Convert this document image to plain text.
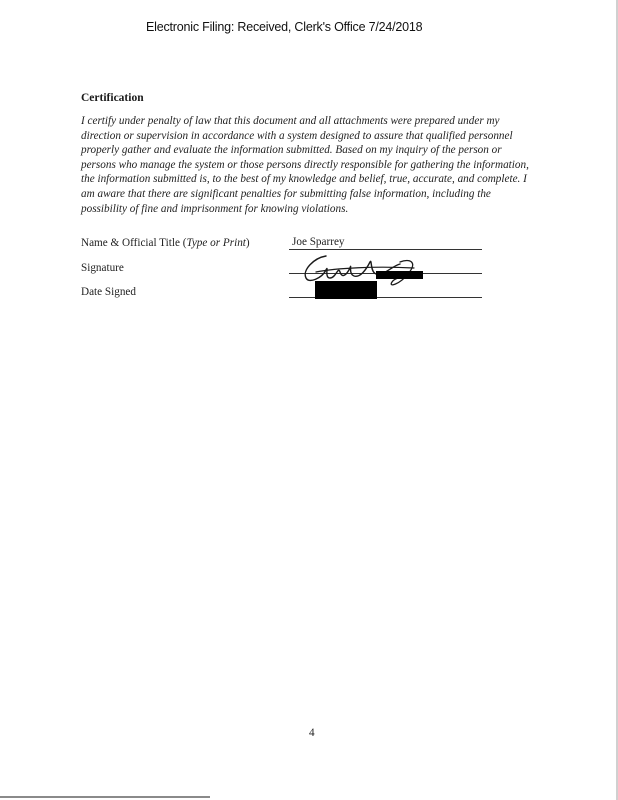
Electronic Filing: Received, Clerk's Office 7/24/2018
Certification
I certify under penalty of law that this document and all attachments were prepared under my direction or supervision in accordance with a system designed to assure that qualified personnel properly gather and evaluate the information submitted. Based on my inquiry of the person or persons who manage the system or those persons directly responsible for gathering the information, the information submitted is, to the best of my knowledge and belief, true, accurate, and complete. I am aware that there are significant penalties for submitting false information, including the possibility of fine and imprisonment for knowing violations.
Name & Official Title (Type or Print)	Joe Sparrey
Signature
Date Signed
4
